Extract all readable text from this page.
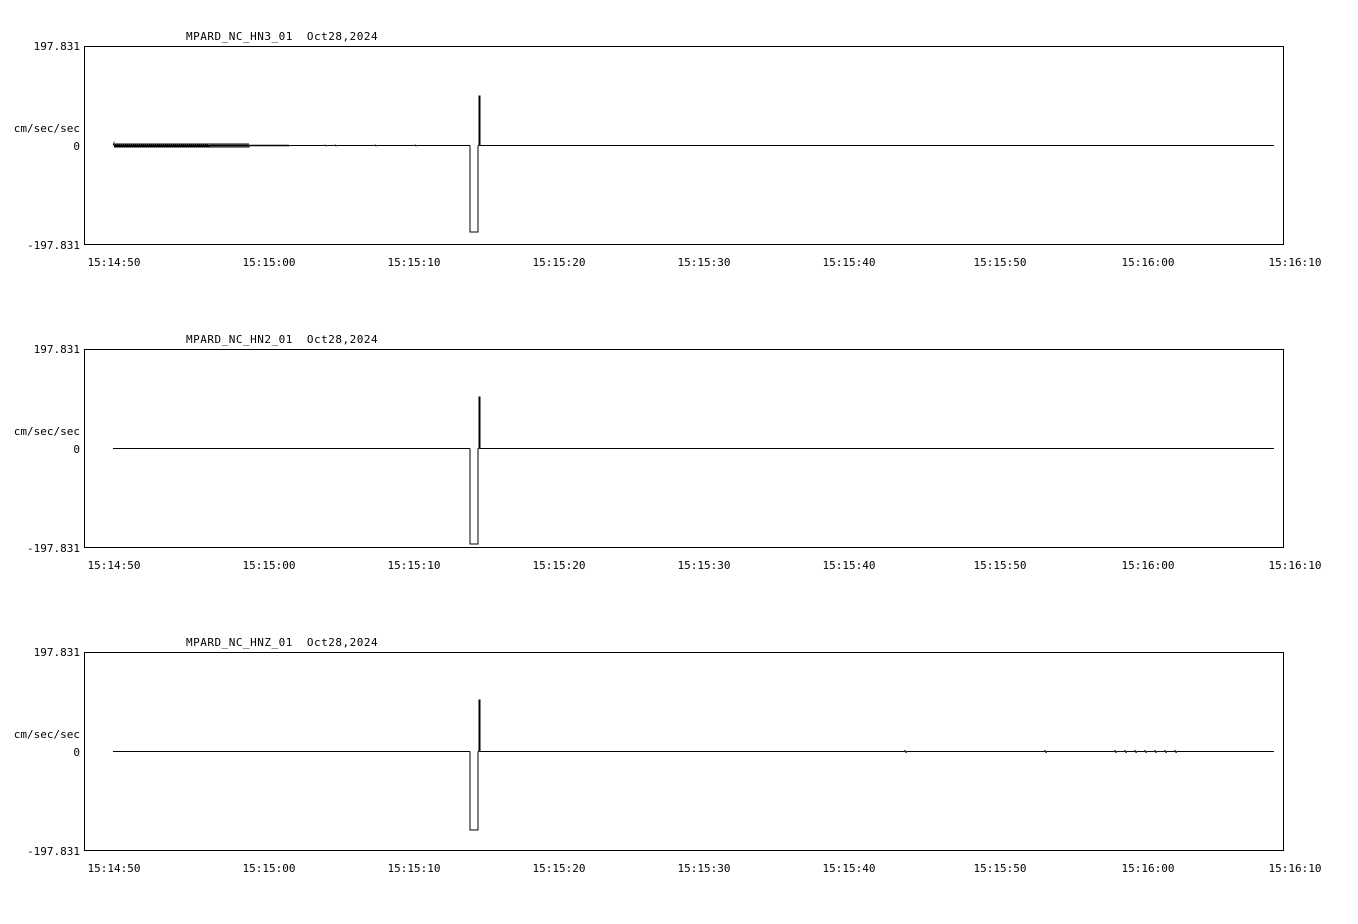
MPARD_NC_HN3_01 Oct28,2024
197.831
cm/sec/sec
0
-197.831
15:14:50	15:15:00	15:15:10	15:15:20	15:15:30	15:15:40	15:15:50	15:16:00	15:16:10
MPARD_NC_HN2_01 Oct28,2024
197.831
cm/sec/sec
0
-197.831
15:14:50	15:15:00	15:15:10	15:15:20	15:15:30	15:15:40	15:15:50	15:16:00	15:16:10
MPARD_NC_HNZ_01 Oct28,2024
197.831
cm/sec/sec
0
-197.831
15:14:50	15:15:00	15:15:10	15:15:20	15:15:30	15:15:40	15:15:50	15:16:00	15:16:10
